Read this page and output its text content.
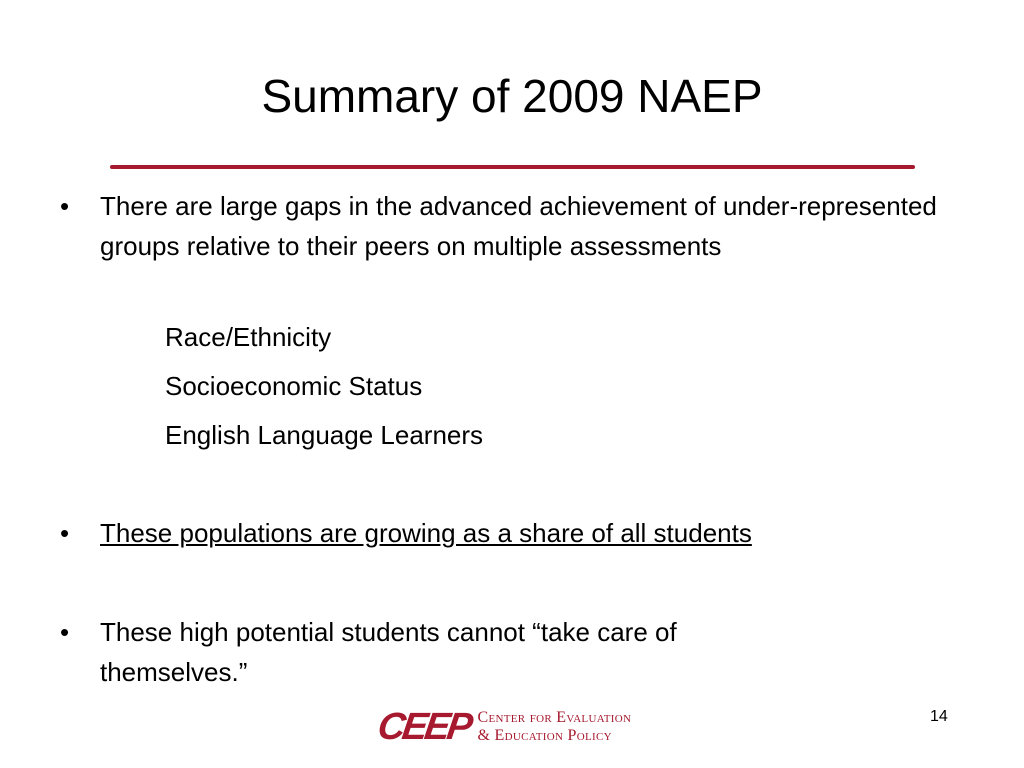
Summary of 2009 NAEP
•	There are large gaps in the advanced achievement of under-represented groups relative to their peers on multiple assessments
Race/Ethnicity
Socioeconomic Status
English Language Learners
•	These populations are growing as a share of all students
•	These high potential students cannot “take care of themselves.”
CEEP Center for Evaluation
& Education Policy
14
